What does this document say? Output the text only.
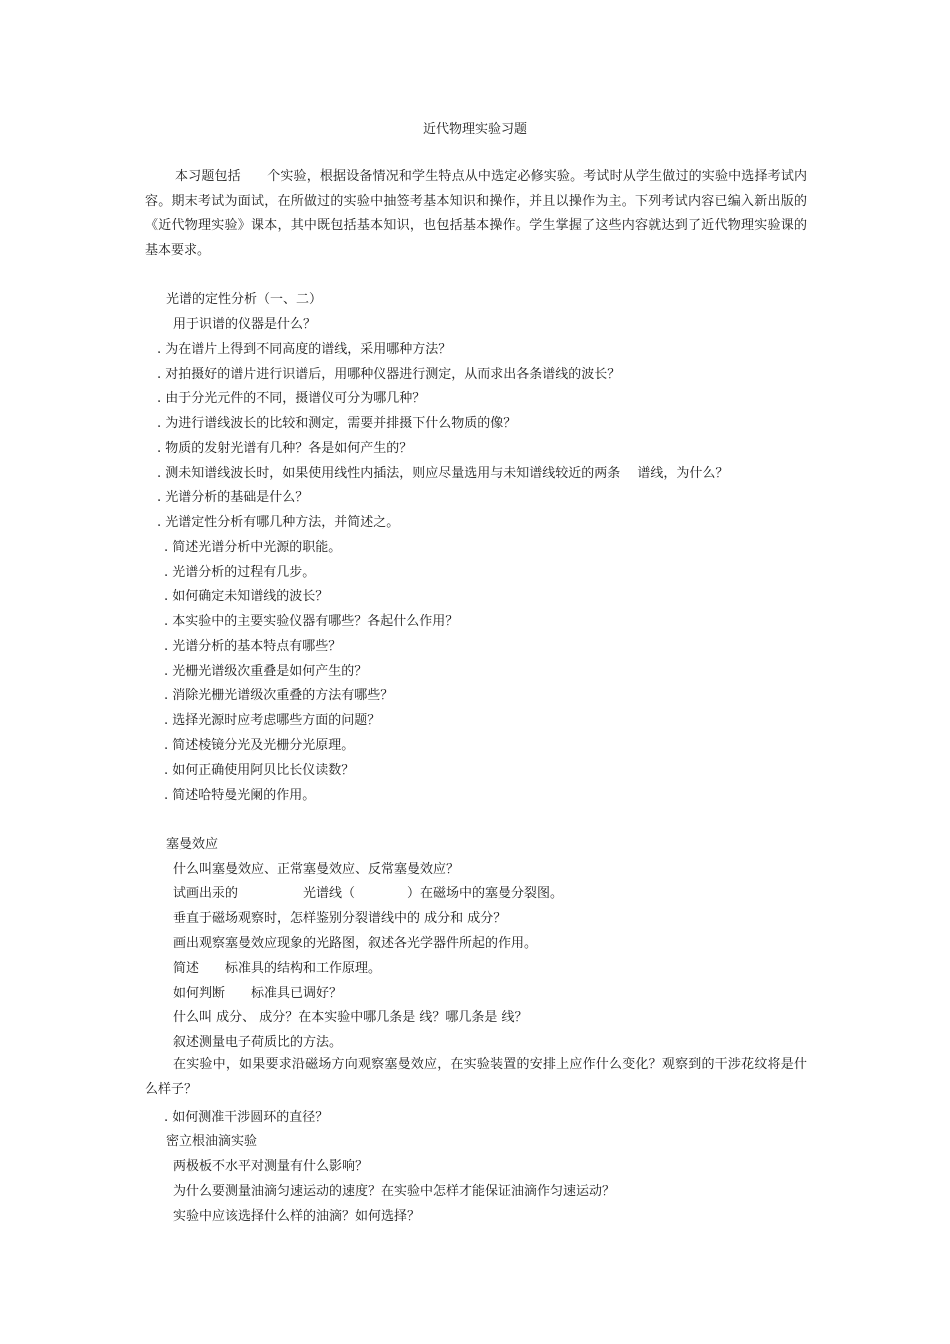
近代物理实验习题
本习题包括　　个实验，根据设备情况和学生特点从中选定必修实验。考试时从学生做过的实验中选择考试内容。期末考试为面试，在所做过的实验中抽签考基本知识和操作，并且以操作为主。下列考试内容已编入新出版的《近代物理实验》课本，其中既包括基本知识，也包括基本操作。学生掌握了这些内容就达到了近代物理实验课的基本要求。
光谱的定性分析（一、二）
用于识谱的仪器是什么？
. 为在谱片上得到不同高度的谱线，采用哪种方法？
. 对拍摄好的谱片进行识谱后，用哪种仪器进行测定，从而求出各条谱线的波长？
. 由于分光元件的不同，摄谱仪可分为哪几种？
. 为进行谱线波长的比较和测定，需要并排摄下什么物质的像？
. 物质的发射光谱有几种？各是如何产生的？
. 测未知谱线波长时，如果使用线性内插法，则应尽量选用与未知谱线较近的两条　 谱线，为什么？
. 光谱分析的基础是什么？
. 光谱定性分析有哪几种方法，并简述之。
. 简述光谱分析中光源的职能。
. 光谱分析的过程有几步。
. 如何确定未知谱线的波长？
. 本实验中的主要实验仪器有哪些？各起什么作用？
. 光谱分析的基本特点有哪些？
. 光栅光谱级次重叠是如何产生的？
. 消除光栅光谱级次重叠的方法有哪些？
. 选择光源时应考虑哪些方面的问题？
. 简述棱镜分光及光栅分光原理。
. 如何正确使用阿贝比长仪读数？
. 简述哈特曼光阑的作用。
塞曼效应
什么叫塞曼效应、正常塞曼效应、反常塞曼效应？
试画出汞的　　　　　光谱线（　　　　）在磁场中的塞曼分裂图。
垂直于磁场观察时，怎样鉴别分裂谱线中的 成分和 成分？
画出观察塞曼效应现象的光路图，叙述各光学器件所起的作用。
简述　　标准具的结构和工作原理。
如何判断　　标准具已调好？
什么叫 成分、 成分？在本实验中哪几条是 线？哪几条是 线？
叙述测量电子荷质比的方法。
在实验中，如果要求沿磁场方向观察塞曼效应，在实验装置的安排上应作什么变化？观察到的干涉花纹将是什么样子？
. 如何测准干涉圆环的直径？
密立根油滴实验
两极板不水平对测量有什么影响？
为什么要测量油滴匀速运动的速度？在实验中怎样才能保证油滴作匀速运动？
实验中应该选择什么样的油滴？如何选择？
